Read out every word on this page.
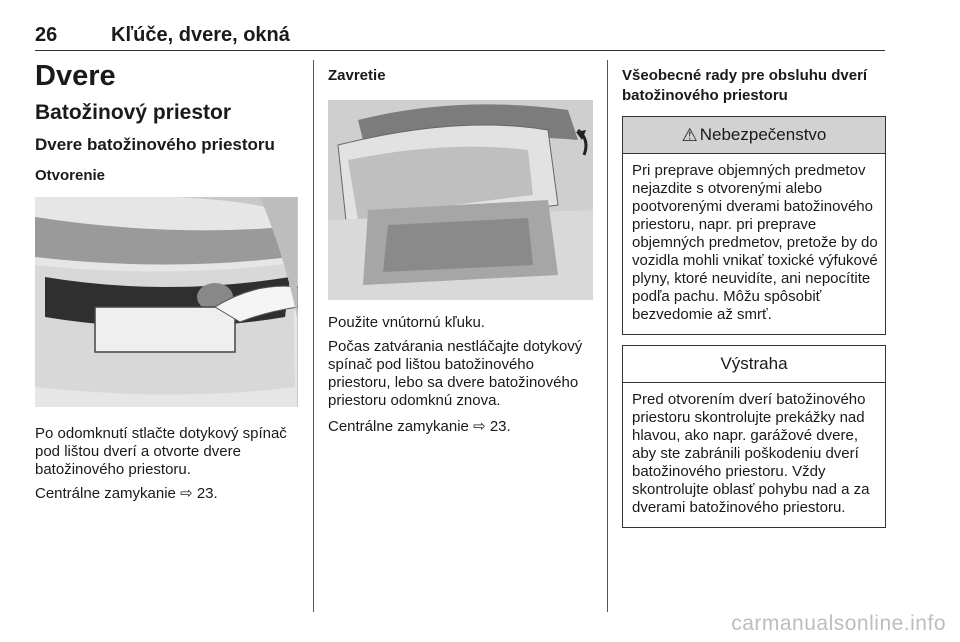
26	Kľúče, dvere, okná
Dvere
Batožinový priestor
Dvere batožinového priestoru
Otvorenie

Po odomknutí stlačte dotykový spínač pod lištou dverí a otvorte dvere batožinového priestoru.

Centrálne zamykanie ⇨ 23.

Zavretie

Použite vnútornú kľuku.

Počas zatvárania nestláčajte dotykový spínač pod lištou batožinového priestoru, lebo sa dvere batožinového priestoru odomknú znova.

Centrálne zamykanie ⇨ 23.

Všeobecné rady pre obsluhu dverí batožinového priestoru
⚠ Nebezpečenstvo
Pri preprave objemných predmetov nejazdite s otvorenými alebo pootvorenými dverami batožinového priestoru, napr. pri preprave objemných predmetov, pretože by do vozidla mohli vnikať toxické výfukové plyny, ktoré neuvidíte, ani nepocítite podľa pachu. Môžu spôsobiť bezvedomie až smrť.
Výstraha
Pred otvorením dverí batožinového priestoru skontrolujte prekážky nad hlavou, ako napr. garážové dvere, aby ste zabránili poškodeniu dverí batožinového priestoru. Vždy skontrolujte oblasť pohybu nad a za dverami batožinového priestoru.
carmanualsonline.info
